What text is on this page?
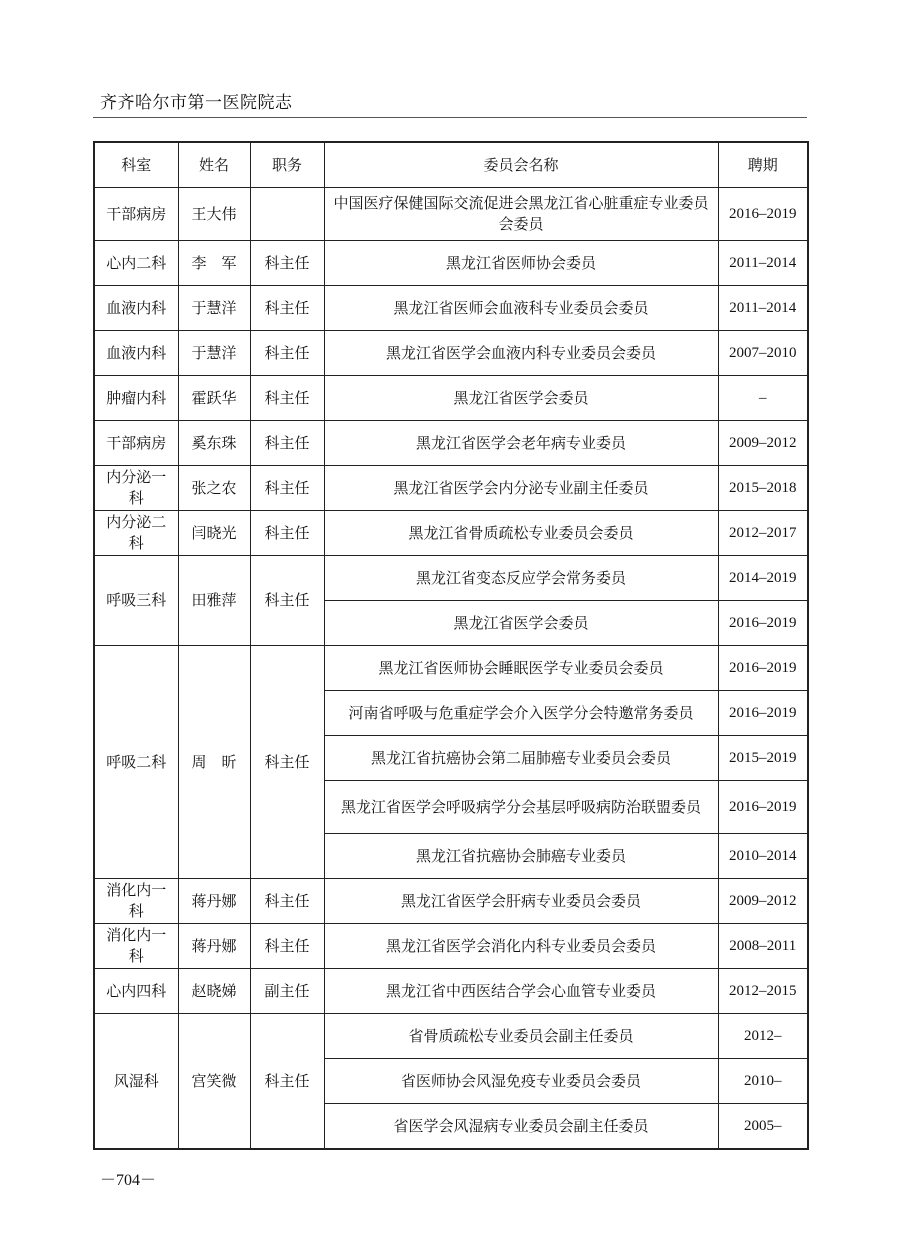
齐齐哈尔市第一医院院志
科室	姓名	职务	委员会名称	聘期
干部病房	王大伟		中国医疗保健国际交流促进会黑龙江省心脏重症专业委员会委员	2016–2019
心内二科	李　军	科主任	黑龙江省医师协会委员	2011–2014
血液内科	于慧洋	科主任	黑龙江省医师会血液科专业委员会委员	2011–2014
血液内科	于慧洋	科主任	黑龙江省医学会血液内科专业委员会委员	2007–2010
肿瘤内科	霍跃华	科主任	黑龙江省医学会委员	–
干部病房	奚东珠	科主任	黑龙江省医学会老年病专业委员	2009–2012
内分泌一科	张之农	科主任	黑龙江省医学会内分泌专业副主任委员	2015–2018
内分泌二科	闫晓光	科主任	黑龙江省骨质疏松专业委员会委员	2012–2017
呼吸三科	田雅萍	科主任	黑龙江省变态反应学会常务委员	2014–2019
			黑龙江省医学会委员	2016–2019
呼吸二科	周　昕	科主任	黑龙江省医师协会睡眠医学专业委员会委员	2016–2019
			河南省呼吸与危重症学会介入医学分会特邀常务委员	2016–2019
			黑龙江省抗癌协会第二届肺癌专业委员会委员	2015–2019
			黑龙江省医学会呼吸病学分会基层呼吸病防治联盟委员	2016–2019
			黑龙江省抗癌协会肺癌专业委员	2010–2014
消化内一科	蒋丹娜	科主任	黑龙江省医学会肝病专业委员会委员	2009–2012
消化内一科	蒋丹娜	科主任	黑龙江省医学会消化内科专业委员会委员	2008–2011
心内四科	赵晓娣	副主任	黑龙江省中西医结合学会心血管专业委员	2012–2015
风湿科	宫笑微	科主任	省骨质疏松专业委员会副主任委员	2012–
			省医师协会风湿免疫专业委员会委员	2010–
			省医学会风湿病专业委员会副主任委员	2005–
－704－
